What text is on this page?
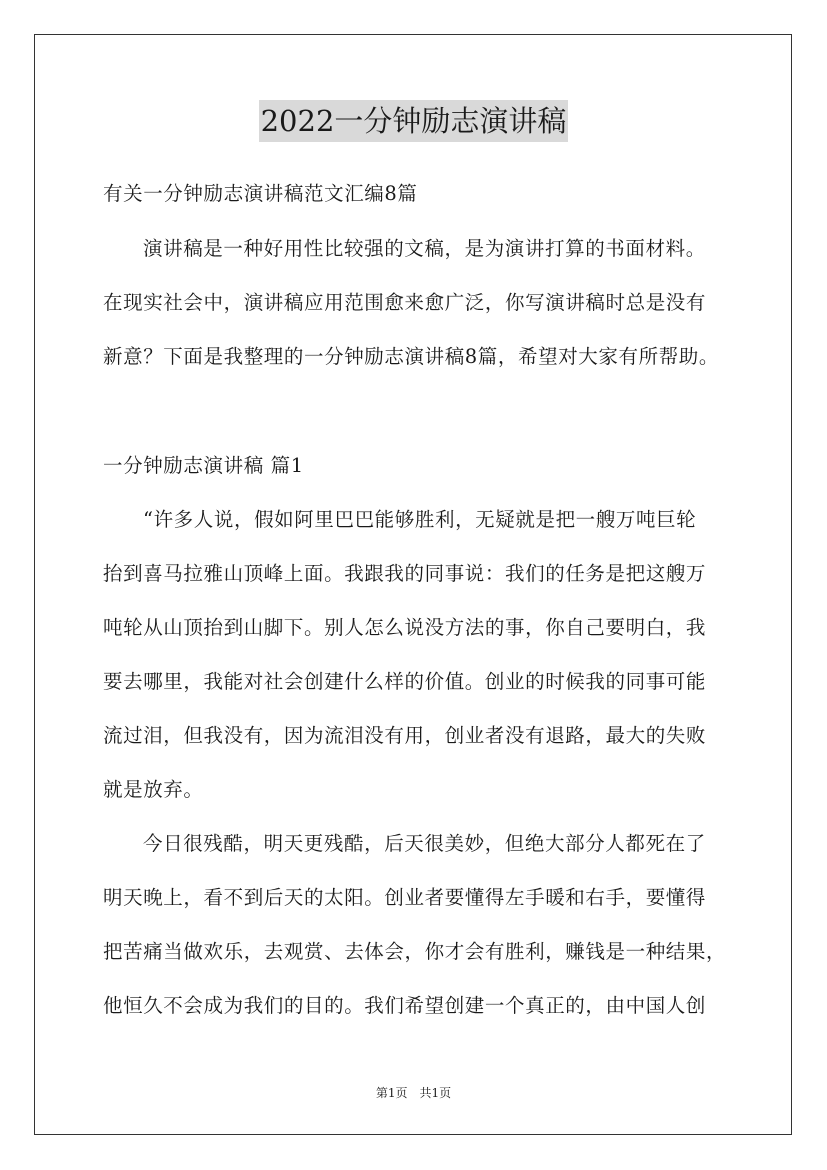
2022一分钟励志演讲稿
有关一分钟励志演讲稿范文汇编8篇
演讲稿是一种好用性比较强的文稿，是为演讲打算的书面材料。
在现实社会中，演讲稿应用范围愈来愈广泛，你写演讲稿时总是没有
新意？下面是我整理的一分钟励志演讲稿8篇，希望对大家有所帮助。
一分钟励志演讲稿 篇1
“许多人说，假如阿里巴巴能够胜利，无疑就是把一艘万吨巨轮
抬到喜马拉雅山顶峰上面。我跟我的同事说：我们的任务是把这艘万
吨轮从山顶抬到山脚下。别人怎么说没方法的事，你自己要明白，我
要去哪里，我能对社会创建什么样的价值。创业的时候我的同事可能
流过泪，但我没有，因为流泪没有用，创业者没有退路，最大的失败
就是放弃。
今日很残酷，明天更残酷，后天很美妙，但绝大部分人都死在了
明天晚上，看不到后天的太阳。创业者要懂得左手暖和右手，要懂得
把苦痛当做欢乐，去观赏、去体会，你才会有胜利，赚钱是一种结果，
他恒久不会成为我们的目的。我们希望创建一个真正的，由中国人创
第1页　共1页
